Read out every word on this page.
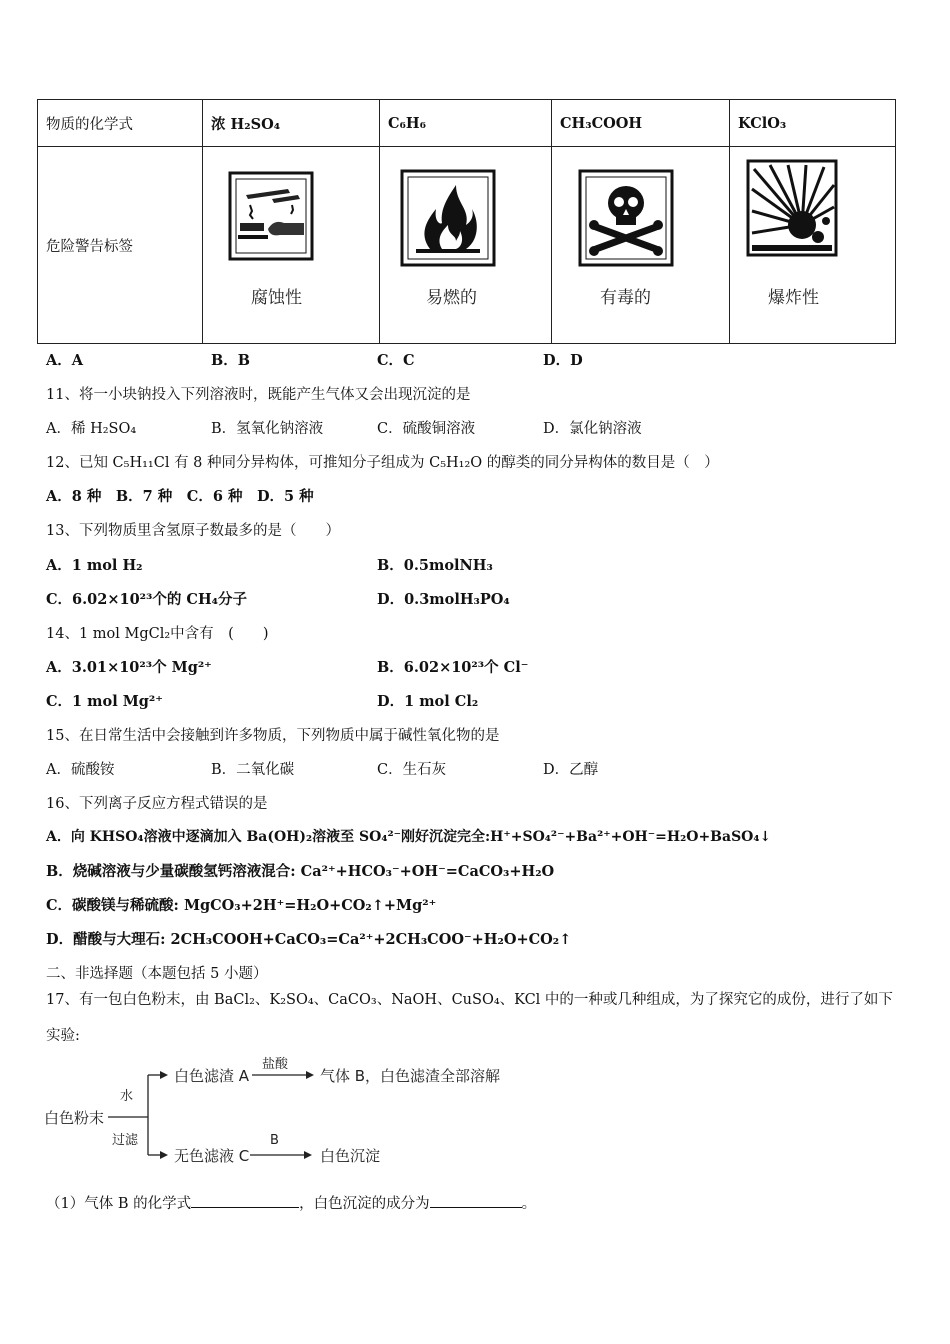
物质的化学式	浓 H₂SO₄	C₆H₆	CH₃COOH	KClO₃
危险警告标签	腐蚀性	易燃的	有毒的	爆炸性
A．A	B．B	C．C	D．D
11、将一小块钠投入下列溶液时，既能产生气体又会出现沉淀的是
A．稀 H₂SO₄	B．氢氧化钠溶液	C．硫酸铜溶液	D．氯化钠溶液
12、已知 C₅H₁₁Cl 有 8 种同分异构体，可推知分子组成为 C₅H₁₂O 的醇类的同分异构体的数目是（　）
A．8 种　B．7 种　C．6 种　D．5 种
13、下列物质里含氢原子数最多的是（　　）
A．1 mol H₂	B．0.5molNH₃
C．6.02×10²³个的 CH₄分子	D．0.3molH₃PO₄
14、1 mol MgCl₂中含有　(　　)
A．3.01×10²³个 Mg²⁺	B．6.02×10²³个 Cl⁻
C．1 mol Mg²⁺	D．1 mol Cl₂
15、在日常生活中会接触到许多物质，下列物质中属于碱性氧化物的是
A．硫酸铵	B．二氧化碳	C．生石灰	D．乙醇
16、下列离子反应方程式错误的是
A．向 KHSO₄溶液中逐滴加入 Ba(OH)₂溶液至 SO₄²⁻刚好沉淀完全:H⁺+SO₄²⁻+Ba²⁺+OH⁻=H₂O+BaSO₄↓
B．烧碱溶液与少量碳酸氢钙溶液混合: Ca²⁺+HCO₃⁻+OH⁻=CaCO₃+H₂O
C．碳酸镁与稀硫酸: MgCO₃+2H⁺=H₂O+CO₂↑+Mg²⁺
D．醋酸与大理石: 2CH₃COOH+CaCO₃=Ca²⁺+2CH₃COO⁻+H₂O+CO₂↑
二、非选择题（本题包括 5 小题）
17、有一包白色粉末，由 BaCl₂、K₂SO₄、CaCO₃、NaOH、CuSO₄、KCl 中的一种或几种组成，为了探究它的成份，进行了如下
实验:
白色粉末
水
过滤
白色滤渣 A
盐酸
气体 B，白色滤渣全部溶解
无色滤液 C
B
白色沉淀
（1）气体 B 的化学式	，白色沉淀的成分为	。
